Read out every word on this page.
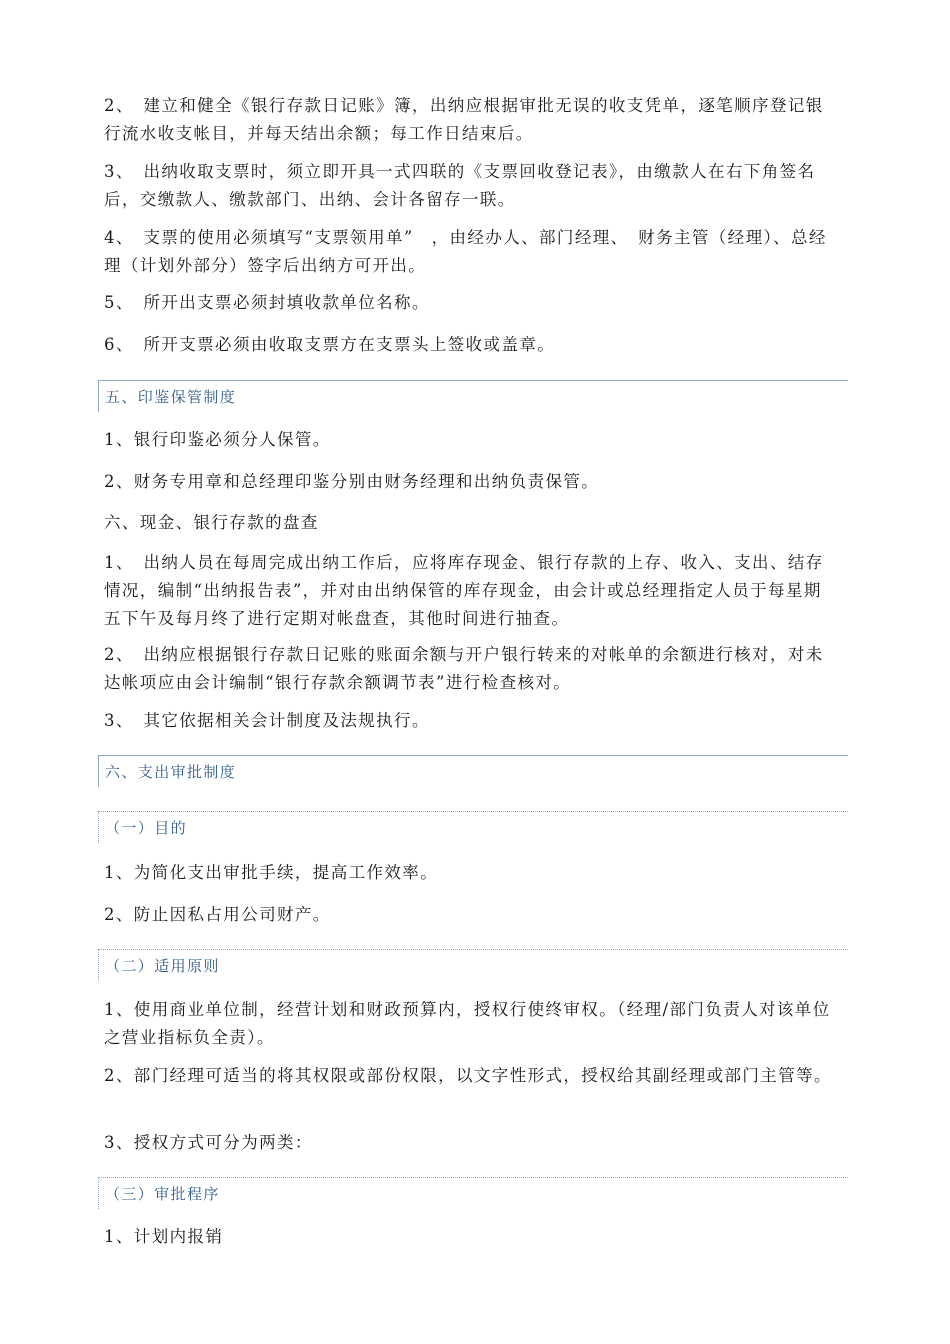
2、　建立和健全《银行存款日记账》簿，出纳应根据审批无误的收支凭单，逐笔顺序登记银行流水收支帐目，并每天结出余额；每工作日结束后。

3、　出纳收取支票时，须立即开具一式四联的《支票回收登记表》，由缴款人在右下角签名后，交缴款人、缴款部门、出纳、会计各留存一联。

4、　支票的使用必须填写“支票领用单”　，由经办人、部门经理、　财务主管（经理）、总经理（计划外部分）签字后出纳方可开出。

5、　所开出支票必须封填收款单位名称。

6、　所开支票必须由收取支票方在支票头上签收或盖章。

五、印鉴保管制度

1、银行印鉴必须分人保管。

2、财务专用章和总经理印鉴分别由财务经理和出纳负责保管。

六、现金、银行存款的盘查

1、　出纳人员在每周完成出纳工作后，应将库存现金、银行存款的上存、收入、支出、结存情况，编制“出纳报告表”，并对由出纳保管的库存现金，由会计或总经理指定人员于每星期五下午及每月终了进行定期对帐盘查，其他时间进行抽查。

2、　出纳应根据银行存款日记账的账面余额与开户银行转来的对帐单的余额进行核对，对未达帐项应由会计编制“银行存款余额调节表”进行检查核对。

3、　其它依据相关会计制度及法规执行。

六、支出审批制度
（一）目的

1、为简化支出审批手续，提高工作效率。

2、防止因私占用公司财产。

（二）适用原则

1、使用商业单位制，经营计划和财政预算内，授权行使终审权。（经理/部门负责人对该单位之营业指标负全责）。

2、部门经理可适当的将其权限或部份权限，以文字性形式，授权给其副经理或部门主管等。

3、授权方式可分为两类：

（三）审批程序

1、计划内报销
